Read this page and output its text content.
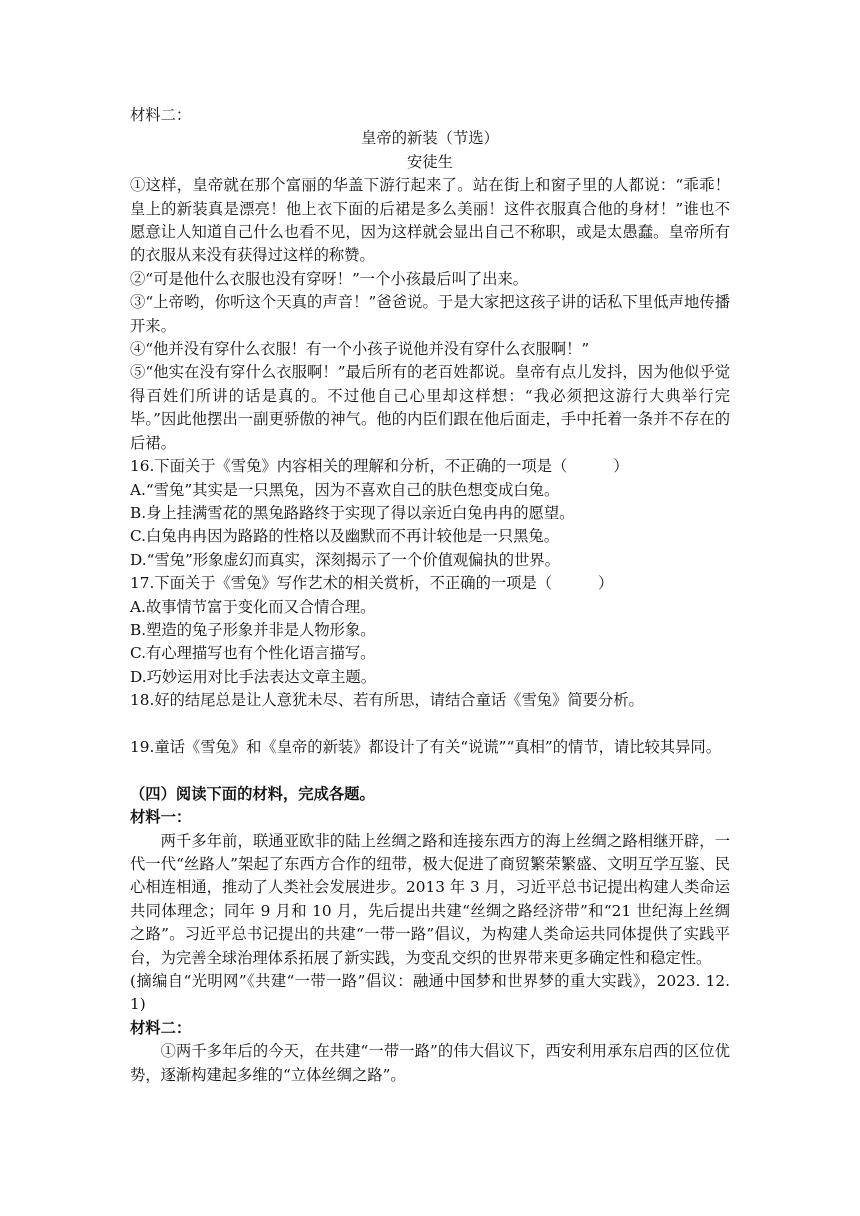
材料二：

皇帝的新装（节选）

安徒生

①这样，皇帝就在那个富丽的华盖下游行起来了。站在街上和窗子里的人都说：“乖乖！皇上的新装真是漂亮！他上衣下面的后裙是多么美丽！这件衣服真合他的身材！”谁也不愿意让人知道自己什么也看不见，因为这样就会显出自己不称职，或是太愚蠢。皇帝所有的衣服从来没有获得过这样的称赞。

②“可是他什么衣服也没有穿呀！”一个小孩最后叫了出来。

③“上帝哟，你听这个天真的声音！”爸爸说。于是大家把这孩子讲的话私下里低声地传播开来。

④“他并没有穿什么衣服！有一个小孩子说他并没有穿什么衣服啊！”

⑤“他实在没有穿什么衣服啊！”最后所有的老百姓都说。皇帝有点儿发抖，因为他似乎觉得百姓们所讲的话是真的。不过他自己心里却这样想：“我必须把这游行大典举行完毕。”因此他摆出一副更骄傲的神气。他的内臣们跟在他后面走，手中托着一条并不存在的后裙。

16.下面关于《雪兔》内容相关的理解和分析，不正确的一项是（　　　）

A.“雪兔”其实是一只黑兔，因为不喜欢自己的肤色想变成白兔。

B.身上挂满雪花的黑兔路路终于实现了得以亲近白兔冉冉的愿望。

C.白兔冉冉因为路路的性格以及幽默而不再计较他是一只黑兔。

D.“雪兔”形象虚幻而真实，深刻揭示了一个价值观偏执的世界。

17.下面关于《雪兔》写作艺术的相关赏析，不正确的一项是（　　　）

A.故事情节富于变化而又合情合理。

B.塑造的兔子形象并非是人物形象。

C.有心理描写也有个性化语言描写。

D.巧妙运用对比手法表达文章主题。

18.好的结尾总是让人意犹未尽、若有所思，请结合童话《雪兔》简要分析。

19.童话《雪兔》和《皇帝的新装》都设计了有关“说谎”“真相”的情节，请比较其异同。

（四）阅读下面的材料，完成各题。

材料一：

两千多年前，联通亚欧非的陆上丝绸之路和连接东西方的海上丝绸之路相继开辟，一代一代“丝路人”架起了东西方合作的纽带，极大促进了商贸繁荣繁盛、文明互学互鉴、民心相连相通，推动了人类社会发展进步。2013 年 3 月，习近平总书记提出构建人类命运共同体理念；同年 9 月和 10 月，先后提出共建“丝绸之路经济带”和“21 世纪海上丝绸之路”。习近平总书记提出的共建“一带一路”倡议，为构建人类命运共同体提供了实践平台，为完善全球治理体系拓展了新实践，为变乱交织的世界带来更多确定性和稳定性。

(摘编自“光明网”《共建“一带一路”倡议：融通中国梦和世界梦的重大实践》，2023. 12. 1)

材料二：

①两千多年后的今天，在共建“一带一路”的伟大倡议下，西安利用承东启西的区位优势，逐渐构建起多维的“立体丝绸之路”。
